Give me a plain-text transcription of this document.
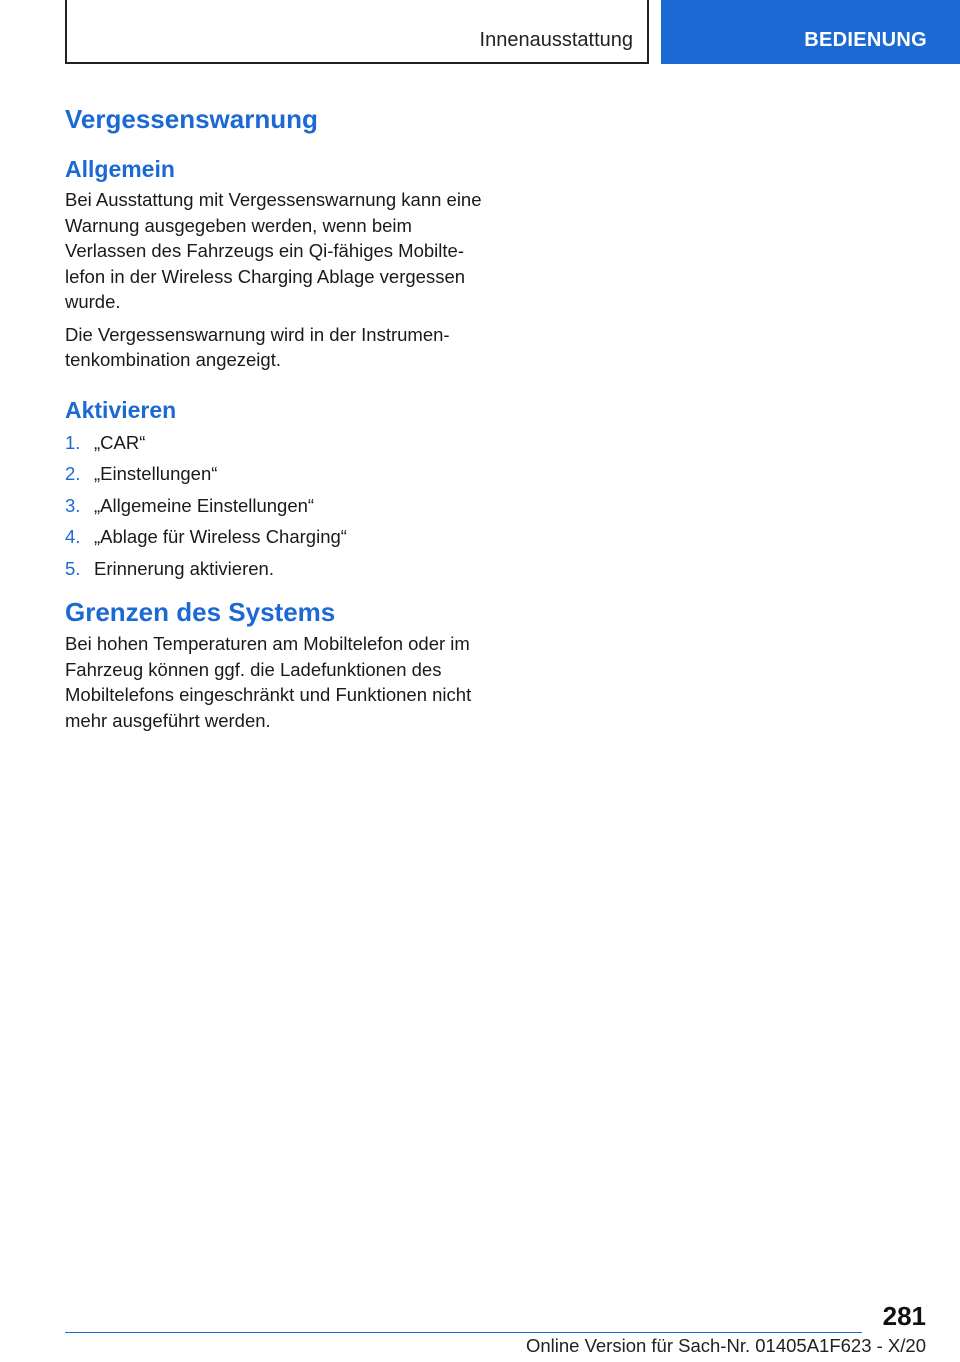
Innenausstattung	BEDIENUNG
Vergessenswarnung
Allgemein

Bei Ausstattung mit Vergessenswarnung kann eine Warnung ausgegeben werden, wenn beim Verlassen des Fahrzeugs ein Qi-fähiges Mobiltelefon in der Wireless Charging Ablage vergessen wurde.

Die Vergessenswarnung wird in der Instrumentenkombination angezeigt.

Aktivieren
1. „CAR“
2. „Einstellungen“
3. „Allgemeine Einstellungen“
4. „Ablage für Wireless Charging“
5. Erinnerung aktivieren.
Grenzen des Systems

Bei hohen Temperaturen am Mobiltelefon oder im Fahrzeug können ggf. die Ladefunktionen des Mobiltelefons eingeschränkt und Funktionen nicht mehr ausgeführt werden.

281
Online Version für Sach-Nr. 01405A1F623 - X/20
